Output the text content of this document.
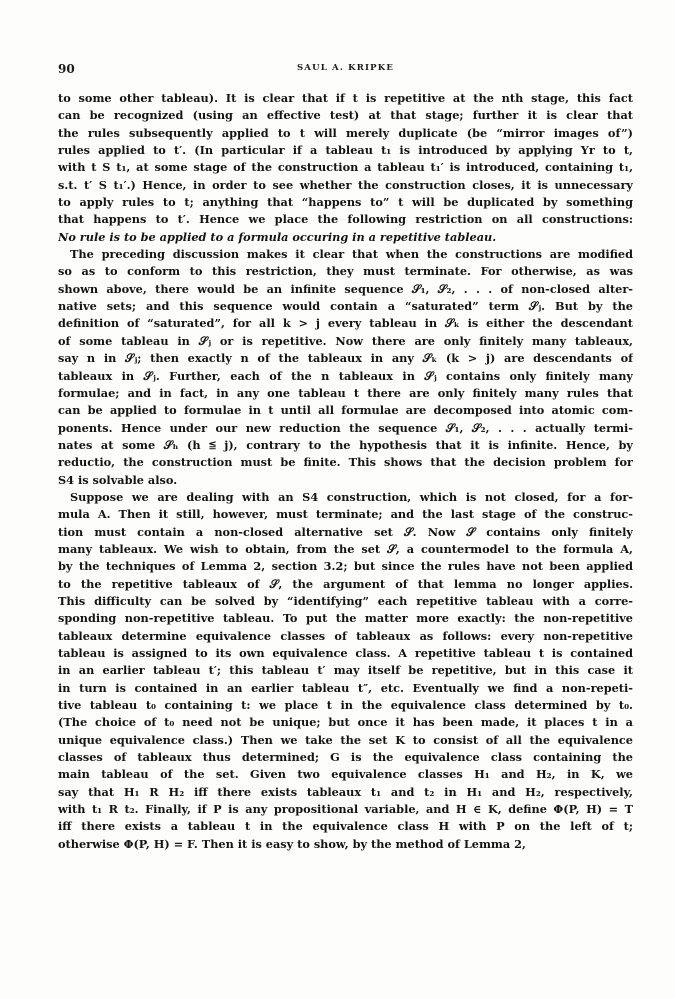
90	SAUL A. KRIPKE
to some other tableau). It is clear that if t is repetitive at the nth stage, this fact
can be recognized (using an effective test) at that stage; further it is clear that
the rules subsequently applied to t will merely duplicate (be “mirror images of”)
rules applied to t′. (In particular if a tableau t₁ is introduced by applying Yr to t,
with t S t₁, at some stage of the construction a tableau t₁′ is introduced, containing t₁,
s.t. t′ S t₁′.) Hence, in order to see whether the construction closes, it is unnecessary
to apply rules to t; anything that “happens to” t will be duplicated by something
that happens to t′. Hence we place the following restriction on all constructions:
No rule is to be applied to a formula occuring in a repetitive tableau.
The preceding discussion makes it clear that when the constructions are modified
so as to conform to this restriction, they must terminate. For otherwise, as was
shown above, there would be an infinite sequence 𝒮₁, 𝒮₂, . . . of non-closed alter-
native sets; and this sequence would contain a “saturated” term 𝒮ⱼ. But by the
definition of “saturated”, for all k > j every tableau in 𝒮ₖ is either the descendant
of some tableau in 𝒮ⱼ or is repetitive. Now there are only finitely many tableaux,
say n in 𝒮ⱼ; then exactly n of the tableaux in any 𝒮ₖ (k > j) are descendants of
tableaux in 𝒮ⱼ. Further, each of the n tableaux in 𝒮ⱼ contains only finitely many
formulae; and in fact, in any one tableau t there are only finitely many rules that
can be applied to formulae in t until all formulae are decomposed into atomic com-
ponents. Hence under our new reduction the sequence 𝒮₁, 𝒮₂, . . . actually termi-
nates at some 𝒮ₕ (h ≦ j), contrary to the hypothesis that it is infinite. Hence, by
reductio, the construction must be finite. This shows that the decision problem for
S4 is solvable also.
Suppose we are dealing with an S4 construction, which is not closed, for a for-
mula A. Then it still, however, must terminate; and the last stage of the construc-
tion must contain a non-closed alternative set 𝒮. Now 𝒮 contains only finitely
many tableaux. We wish to obtain, from the set 𝒮, a countermodel to the formula A,
by the techniques of Lemma 2, section 3.2; but since the rules have not been applied
to the repetitive tableaux of 𝒮, the argument of that lemma no longer applies.
This difficulty can be solved by “identifying” each repetitive tableau with a corre-
sponding non-repetitive tableau. To put the matter more exactly: the non-repetitive
tableaux determine equivalence classes of tableaux as follows: every non-repetitive
tableau is assigned to its own equivalence class. A repetitive tableau t is contained
in an earlier tableau t′; this tableau t′ may itself be repetitive, but in this case it
in turn is contained in an earlier tableau t″, etc. Eventually we find a non-repeti-
tive tableau t₀ containing t: we place t in the equivalence class determined by t₀.
(The choice of t₀ need not be unique; but once it has been made, it places t in a
unique equivalence class.) Then we take the set K to consist of all the equivalence
classes of tableaux thus determined; G is the equivalence class containing the
main tableau of the set. Given two equivalence classes H₁ and H₂, in K, we
say that H₁ R H₂ iff there exists tableaux t₁ and t₂ in H₁ and H₂, respectively,
with t₁ R t₂. Finally, if P is any propositional variable, and H ∈ K, define Φ(P, H) = T
iff there exists a tableau t in the equivalence class H with P on the left of t;
otherwise Φ(P, H) = F. Then it is easy to show, by the method of Lemma 2,
